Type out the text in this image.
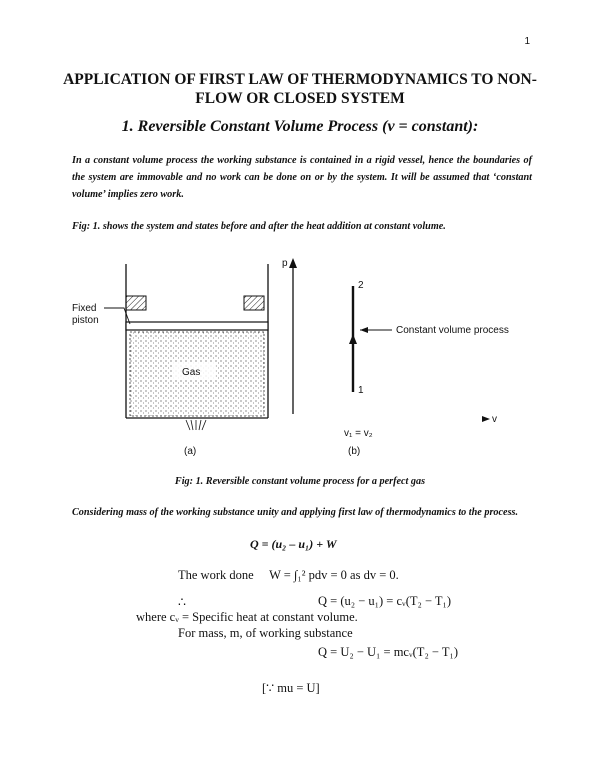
1
APPLICATION OF FIRST LAW OF THERMODYNAMICS TO NON-FLOW OR CLOSED SYSTEM
1. Reversible Constant Volume Process (v = constant):
In a constant volume process the working substance is contained in a rigid vessel, hence the boundaries of the system are immovable and no work can be done on or by the system. It will be assumed that ‘constant volume’ implies zero work.
Fig: 1. shows the system and states before and after the heat addition at constant volume.
Gas
Fixed
piston
(a)
p
2
1
Constant volume process
v
v₁ = v₂
(b)
Fig: 1. Reversible constant volume process for a perfect gas
Considering mass of the working substance unity and applying first law of thermodynamics to the process.
Q = (u₂ – u₁) + W
The work done W = ∫₁² pdv = 0 as dv = 0.
∴	Q = (u₂ − u₁) = cᵥ(T₂ − T₁)
where cᵥ = Specific heat at constant volume.
For mass, m, of working substance
Q = U₂ − U₁ = mcᵥ(T₂ − T₁)
[∵ mu = U]
